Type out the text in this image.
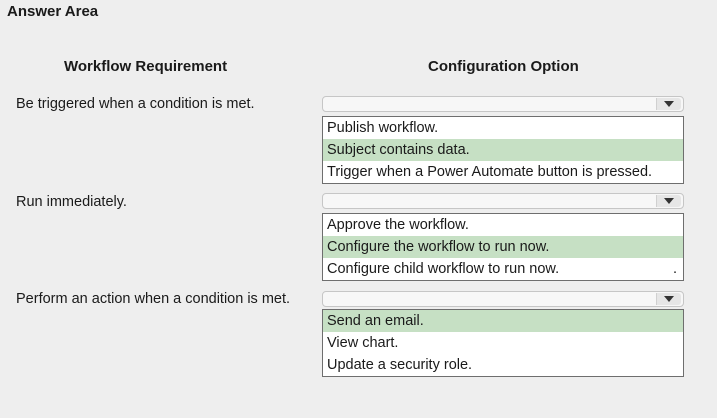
Answer Area
Workflow Requirement	Configuration Option
Be triggered when a condition is met.
Publish workflow.
Subject contains data.
Trigger when a Power Automate button is pressed.
Run immediately.
Approve the workflow.
Configure the workflow to run now.
Configure child workflow to run now.	.
Perform an action when a condition is met.
Send an email.
View chart.
Update a security role.
